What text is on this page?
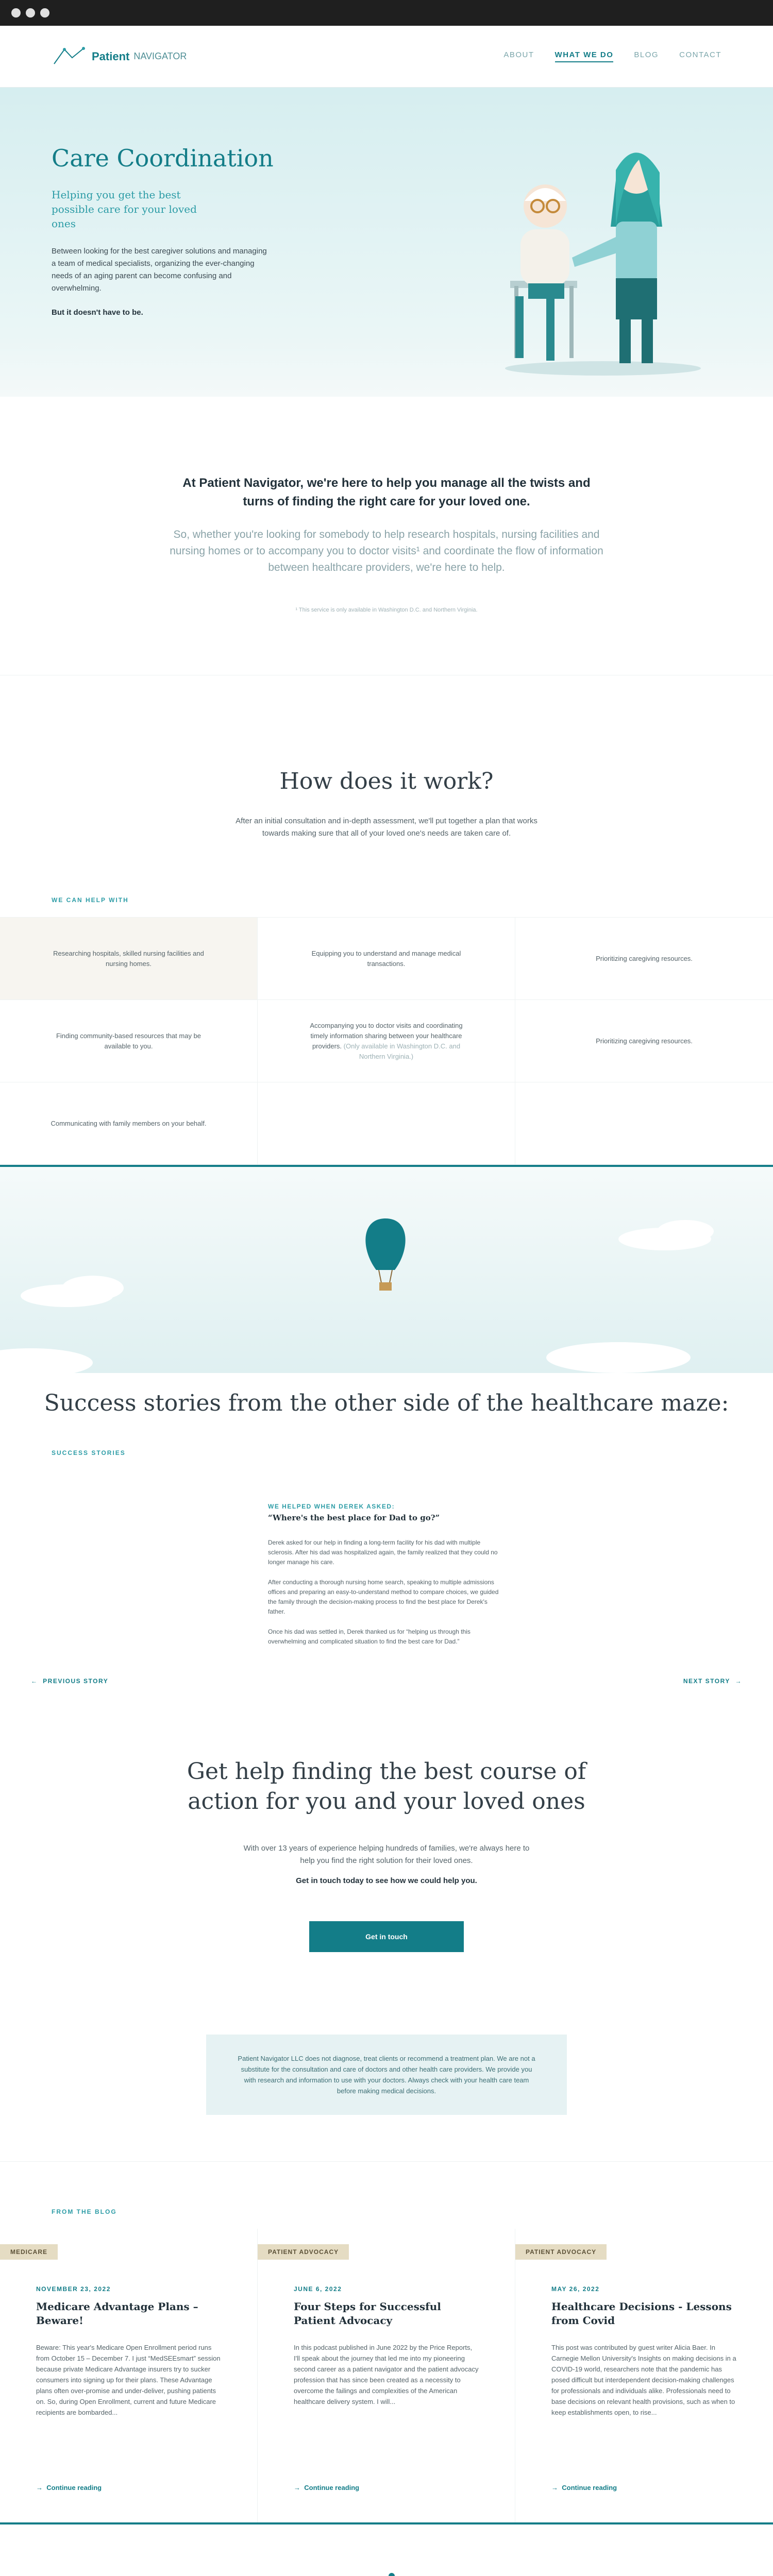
Patient NAVIGATOR	ABOUT	WHAT WE DO	BLOG	CONTACT
Care Coordination
Helping you get the best possible care for your loved ones
Between looking for the best caregiver solutions and managing a team of medical specialists, organizing the ever-changing needs of an aging parent can become confusing and overwhelming.
But it doesn't have to be.
At Patient Navigator, we're here to help you manage all the twists and turns of finding the right care for your loved one.
So, whether you're looking for somebody to help research hospitals, nursing facilities and nursing homes or to accompany you to doctor visits¹ and coordinate the flow of information between healthcare providers, we're here to help.
¹ This service is only available in Washington D.C. and Northern Virginia.
How does it work?
After an initial consultation and in-depth assessment, we'll put together a plan that works towards making sure that all of your loved one's needs are taken care of.
WE CAN HELP WITH
Researching hospitals, skilled nursing facilities and nursing homes.
Equipping you to understand and manage medical transactions.
Prioritizing caregiving resources.
Finding community-based resources that may be available to you.
Accompanying you to doctor visits and coordinating timely information sharing between your healthcare providers. (Only available in Washington D.C. and Northern Virginia.)
Prioritizing caregiving resources.
Communicating with family members on your behalf.
Success stories from the other side of the healthcare maze:
SUCCESS STORIES
WE HELPED WHEN DEREK ASKED:
“Where's the best place for Dad to go?”

Derek asked for our help in finding a long-term facility for his dad with multiple sclerosis. After his dad was hospitalized again, the family realized that they could no longer manage his care.

After conducting a thorough nursing home search, speaking to multiple admissions offices and preparing an easy-to-understand method to compare choices, we guided the family through the decision-making process to find the best place for Derek's father.

Once his dad was settled in, Derek thanked us for “helping us through this overwhelming and complicated situation to find the best care for Dad.”

←  PREVIOUS STORY	NEXT STORY  →
Get help finding the best course of action for you and your loved ones
With over 13 years of experience helping hundreds of families, we're always here to help you find the right solution for their loved ones.
Get in touch today to see how we could help you.
Get in touch
Patient Navigator LLC does not diagnose, treat clients or recommend a treatment plan. We are not a substitute for the consultation and care of doctors and other health care providers. We provide you with research and information to use with your doctors. Always check with your health care team before making medical decisions.
FROM THE BLOG
MEDICARE
NOVEMBER 23, 2022
Medicare Advantage Plans – Beware!

Beware: This year's Medicare Open Enrollment period runs from October 15 – December 7. I just “MedSEEsmart” session because private Medicare Advantage insurers try to sucker consumers into signing up for their plans. These Advantage plans often over-promise and under-deliver, pushing patients on. So, during Open Enrollment, current and future Medicare recipients are bombarded...

→  Continue reading
PATIENT ADVOCACY
JUNE 6, 2022
Four Steps for Successful Patient Advocacy

In this podcast published in June 2022 by the Price Reports, I'll speak about the journey that led me into my pioneering second career as a patient navigator and the patient advocacy profession that has since been created as a necessity to overcome the failings and complexities of the American healthcare delivery system. I will...

→  Continue reading
PATIENT ADVOCACY
MAY 26, 2022
Healthcare Decisions - Lessons from Covid

This post was contributed by guest writer Alicia Baer. In Carnegie Mellon University's Insights on making decisions in a COVID-19 world, researchers note that the pandemic has posed difficult but interdependent decision-making challenges for professionals and individuals alike. Professionals need to base decisions on relevant health provisions, such as when to keep establishments open, to rise...

→  Continue reading
